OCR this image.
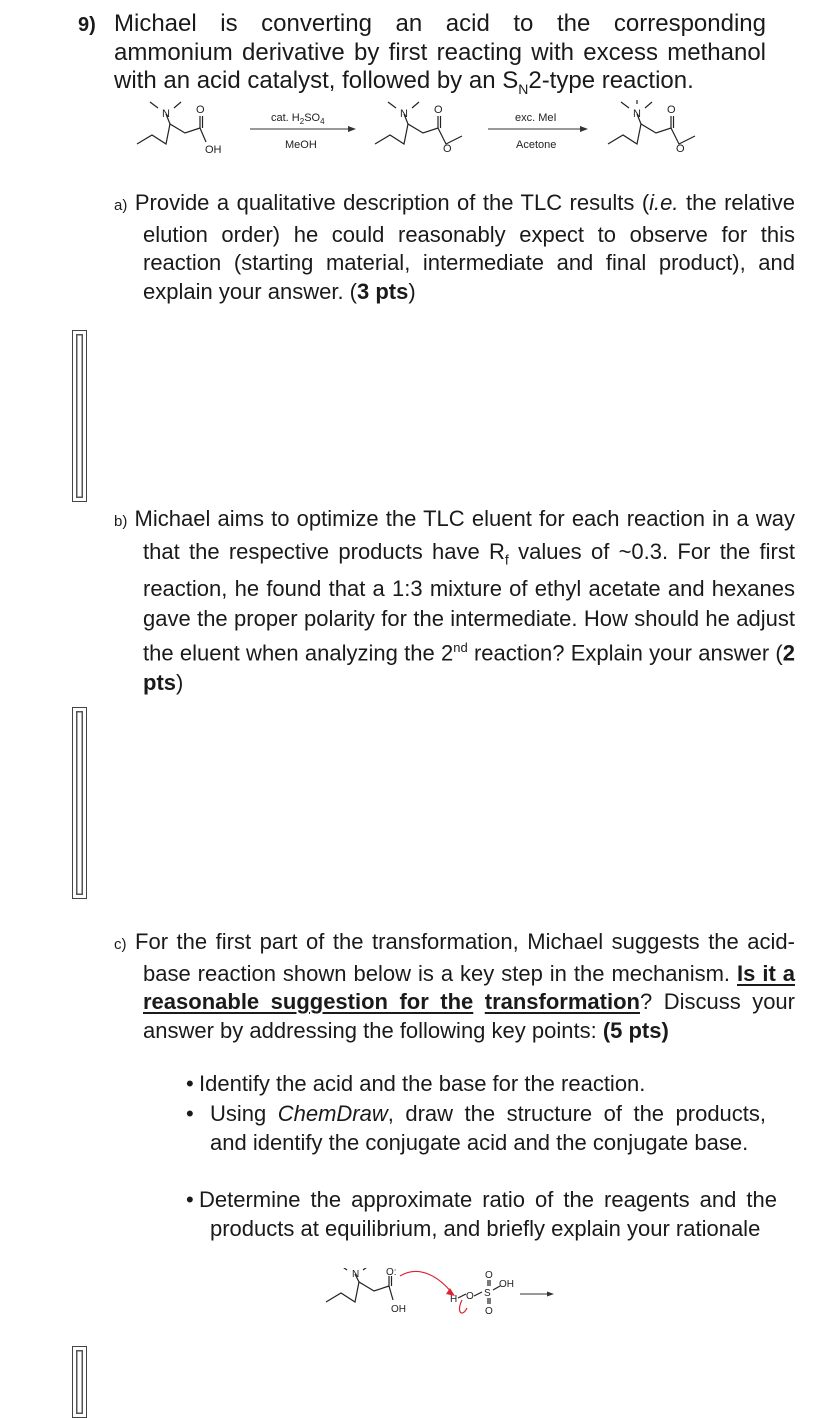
9) Michael is converting an acid to the corresponding
ammonium derivative by first reacting with excess methanol
with an acid catalyst, followed by an $S_N2$-type reaction.
N O
OH
N O
O
N O
O
cat. $H_2SO_4$
MeOH
exc. MeI
Acetone
a) Provide a qualitative description of the TLC results (i.e. the relative elution order) he could reasonably expect to observe for this reaction (starting material, intermediate and final product), and explain your answer. (3 pts)
b) Michael aims to optimize the TLC eluent for each reaction in a way that the respective products have $R_f$ values of ~0.3. For the first reaction, he found that a 1:3 mixture of ethyl acetate and hexanes gave the proper polarity for the intermediate. How should he adjust the eluent when analyzing the 2nd reaction? Explain your answer (2 pts)
c) For the first part of the transformation, Michael suggests the acid-base reaction shown below is a key step in the mechanism. Is it a reasonable suggestion for the transformation? Discuss your answer by addressing the following key points: (5 pts)
• Identify the acid and the base for the reaction.
• Using ChemDraw, draw the structure of the products, and identify the conjugate acid and the conjugate base.
• Determine the approximate ratio of the reagents and the products at equilibrium, and briefly explain your rationale
N	O:
OH
H O S
O
O
OH
